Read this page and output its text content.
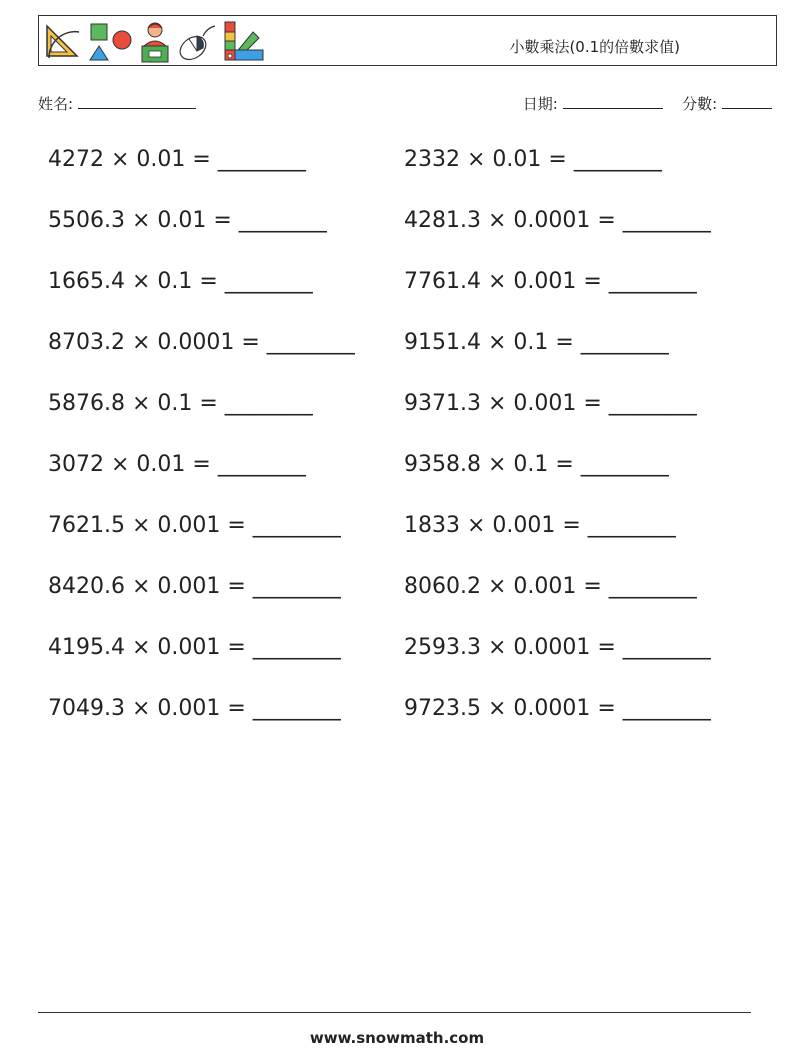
小數乘法(0.1的倍數求值)
姓名:	日期:	分數:
4272 × 0.01 = ________	2332 × 0.01 = ________
5506.3 × 0.01 = ________	4281.3 × 0.0001 = ________
1665.4 × 0.1 = ________	7761.4 × 0.001 = ________
8703.2 × 0.0001 = ________ 9151.4 × 0.1 = ________
5876.8 × 0.1 = ________	9371.3 × 0.001 = ________
3072 × 0.01 = ________	9358.8 × 0.1 = ________
7621.5 × 0.001 = ________	1833 × 0.001 = ________
8420.6 × 0.001 = ________	8060.2 × 0.001 = ________
4195.4 × 0.001 = ________	2593.3 × 0.0001 = ________
7049.3 × 0.001 = ________	9723.5 × 0.0001 = ________
www.snowmath.com
